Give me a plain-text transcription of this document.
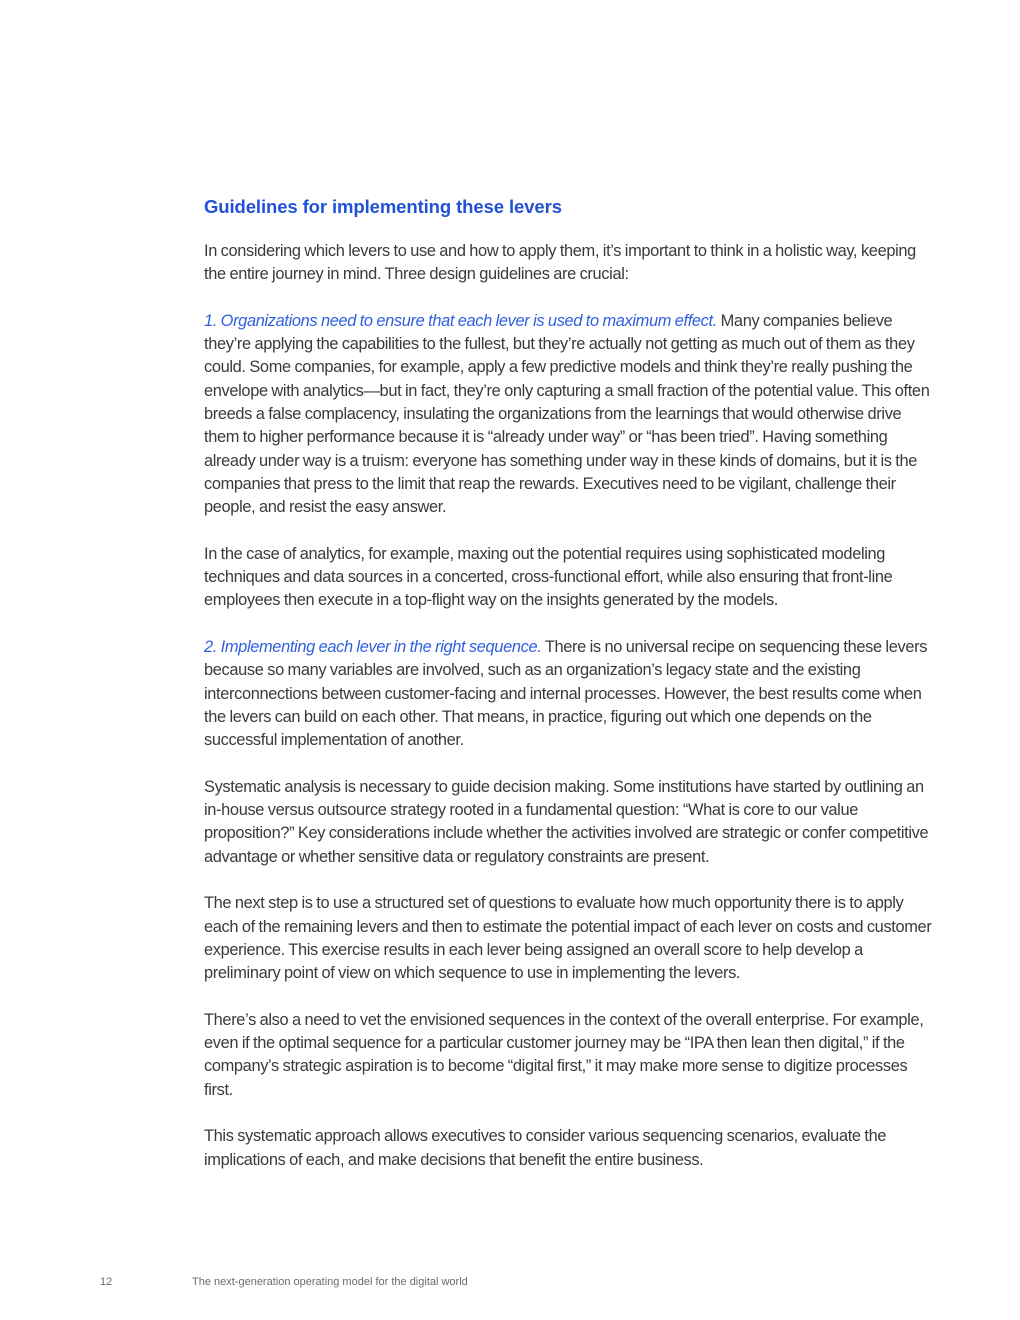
Guidelines for implementing these levers

In considering which levers to use and how to apply them, it’s important to think in a holistic way, keeping the entire journey in mind. Three design guidelines are crucial:

1. Organizations need to ensure that each lever is used to maximum effect. Many companies believe they’re applying the capabilities to the fullest, but they’re actually not getting as much out of them as they could. Some companies, for example, apply a few predictive models and think they’re really pushing the envelope with analytics—but in fact, they’re only capturing a small fraction of the potential value. This often breeds a false complacency, insulating the organizations from the learnings that would otherwise drive them to higher performance because it is “already under way” or “has been tried”. Having something already under way is a truism: everyone has something under way in these kinds of domains, but it is the companies that press to the limit that reap the rewards. Executives need to be vigilant, challenge their people, and resist the easy answer.

In the case of analytics, for example, maxing out the potential requires using sophisticated modeling techniques and data sources in a concerted, cross-functional effort, while also ensuring that front-line employees then execute in a top-flight way on the insights generated by the models.

2. Implementing each lever in the right sequence. There is no universal recipe on sequencing these levers because so many variables are involved, such as an organization’s legacy state and the existing interconnections between customer-facing and internal processes. However, the best results come when the levers can build on each other. That means, in practice, figuring out which one depends on the successful implementation of another.

Systematic analysis is necessary to guide decision making. Some institutions have started by outlining an in-house versus outsource strategy rooted in a fundamental question: “What is core to our value proposition?” Key considerations include whether the activities involved are strategic or confer competitive advantage or whether sensitive data or regulatory constraints are present.

The next step is to use a structured set of questions to evaluate how much opportunity there is to apply each of the remaining levers and then to estimate the potential impact of each lever on costs and customer experience. This exercise results in each lever being assigned an overall score to help develop a preliminary point of view on which sequence to use in implementing the levers.

There’s also a need to vet the envisioned sequences in the context of the overall enterprise. For example, even if the optimal sequence for a particular customer journey may be “IPA then lean then digital,” if the company’s strategic aspiration is to become “digital first,” it may make more sense to digitize processes first.

This systematic approach allows executives to consider various sequencing scenarios, evaluate the implications of each, and make decisions that benefit the entire business.

12	The next-generation operating model for the digital world
